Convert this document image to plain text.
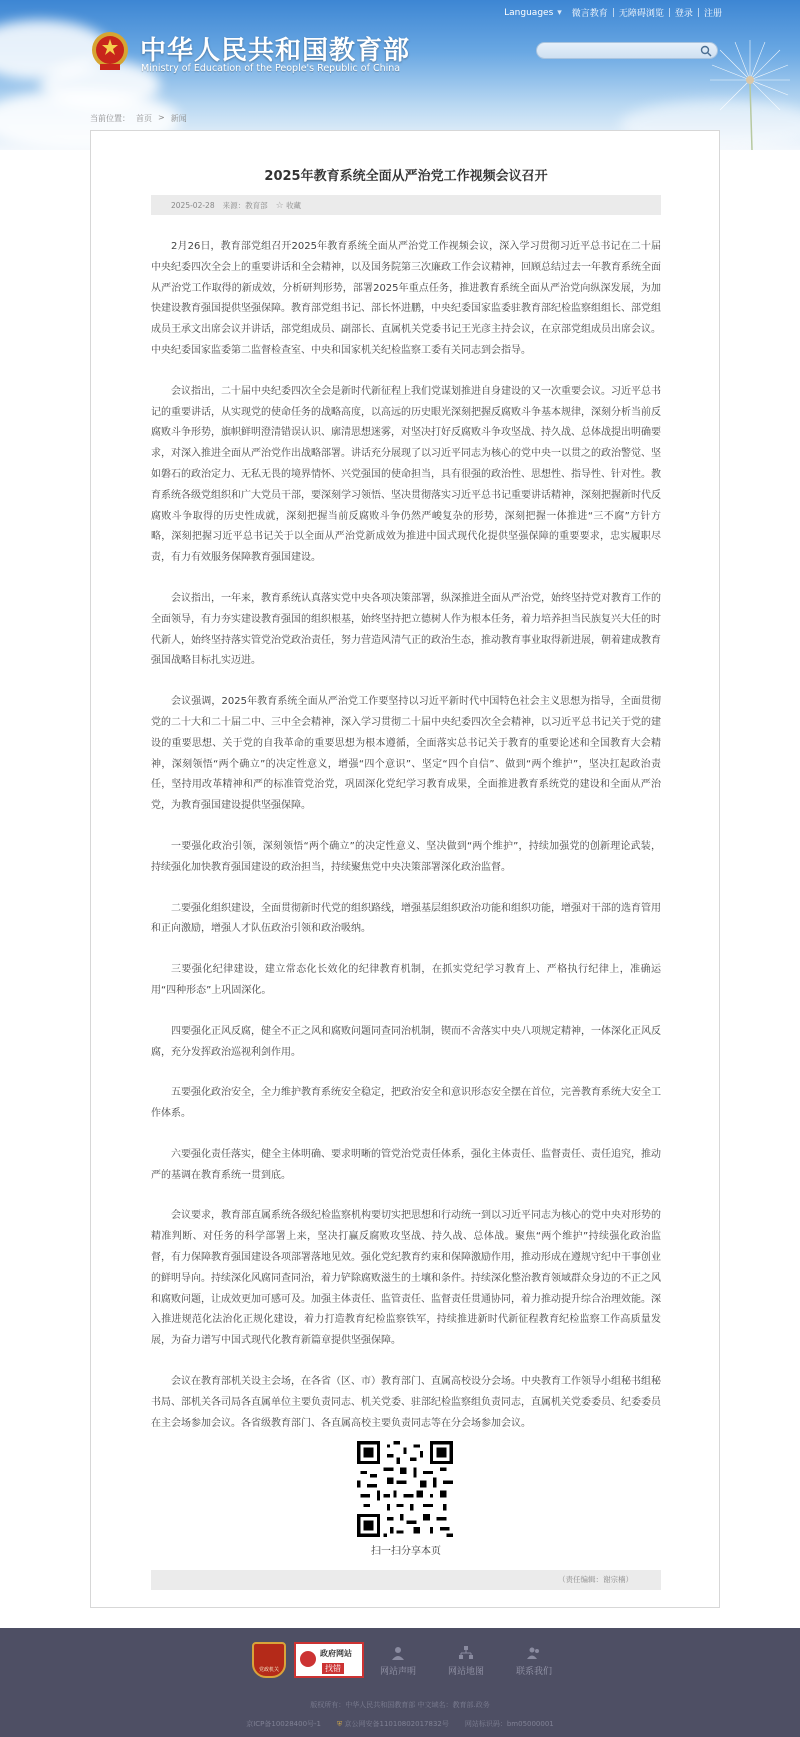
Languages ▾ 微言教育 | 无障碍浏览 | 登录 | 注册
中华人民共和国教育部
Ministry of Education of the People's Republic of China
当前位置： 首页 > 新闻
2025年教育系统全面从严治党工作视频会议召开
2025-02-28 来源：教育部 ☆ 收藏

2月26日，教育部党组召开2025年教育系统全面从严治党工作视频会议，深入学习贯彻习近平总书记在二十届中央纪委四次全会上的重要讲话和全会精神，以及国务院第三次廉政工作会议精神，回顾总结过去一年教育系统全面从严治党工作取得的新成效，分析研判形势，部署2025年重点任务，推进教育系统全面从严治党向纵深发展，为加快建设教育强国提供坚强保障。教育部党组书记、部长怀进鹏，中央纪委国家监委驻教育部纪检监察组组长、部党组成员王承文出席会议并讲话，部党组成员、副部长、直属机关党委书记王光彦主持会议，在京部党组成员出席会议。中央纪委国家监委第二监督检查室、中央和国家机关纪检监察工委有关同志到会指导。

会议指出，二十届中央纪委四次全会是新时代新征程上我们党谋划推进自身建设的又一次重要会议。习近平总书记的重要讲话，从实现党的使命任务的战略高度，以高远的历史眼光深刻把握反腐败斗争基本规律，深刻分析当前反腐败斗争形势，旗帜鲜明澄清错误认识、廓清思想迷雾，对坚决打好反腐败斗争攻坚战、持久战、总体战提出明确要求，对深入推进全面从严治党作出战略部署。讲话充分展现了以习近平同志为核心的党中央一以贯之的政治警觉、坚如磐石的政治定力、无私无畏的境界情怀、兴党强国的使命担当，具有很强的政治性、思想性、指导性、针对性。教育系统各级党组织和广大党员干部，要深刻学习领悟、坚决贯彻落实习近平总书记重要讲话精神，深刻把握新时代反腐败斗争取得的历史性成就，深刻把握当前反腐败斗争仍然严峻复杂的形势，深刻把握一体推进“三不腐”方针方略，深刻把握习近平总书记关于以全面从严治党新成效为推进中国式现代化提供坚强保障的重要要求，忠实履职尽责，有力有效服务保障教育强国建设。

会议指出，一年来，教育系统认真落实党中央各项决策部署，纵深推进全面从严治党，始终坚持党对教育工作的全面领导，有力夯实建设教育强国的组织根基，始终坚持把立德树人作为根本任务，着力培养担当民族复兴大任的时代新人，始终坚持落实管党治党政治责任，努力营造风清气正的政治生态，推动教育事业取得新进展，朝着建成教育强国战略目标扎实迈进。

会议强调，2025年教育系统全面从严治党工作要坚持以习近平新时代中国特色社会主义思想为指导，全面贯彻党的二十大和二十届二中、三中全会精神，深入学习贯彻二十届中央纪委四次全会精神，以习近平总书记关于党的建设的重要思想、关于党的自我革命的重要思想为根本遵循，全面落实总书记关于教育的重要论述和全国教育大会精神，深刻领悟“两个确立”的决定性意义，增强“四个意识”、坚定“四个自信”、做到“两个维护”，坚决扛起政治责任，坚持用改革精神和严的标准管党治党，巩固深化党纪学习教育成果，全面推进教育系统党的建设和全面从严治党，为教育强国建设提供坚强保障。

一要强化政治引领，深刻领悟“两个确立”的决定性意义、坚决做到“两个维护”，持续加强党的创新理论武装，持续强化加快教育强国建设的政治担当，持续聚焦党中央决策部署深化政治监督。

二要强化组织建设，全面贯彻新时代党的组织路线，增强基层组织政治功能和组织功能，增强对干部的选育管用和正向激励，增强人才队伍政治引领和政治吸纳。

三要强化纪律建设，建立常态化长效化的纪律教育机制，在抓实党纪学习教育上、严格执行纪律上，准确运用“四种形态”上巩固深化。

四要强化正风反腐，健全不正之风和腐败问题同查同治机制，锲而不舍落实中央八项规定精神，一体深化正风反腐，充分发挥政治巡视利剑作用。

五要强化政治安全，全力维护教育系统安全稳定，把政治安全和意识形态安全摆在首位，完善教育系统大安全工作体系。

六要强化责任落实，健全主体明确、要求明晰的管党治党责任体系，强化主体责任、监督责任、责任追究，推动严的基调在教育系统一贯到底。

会议要求，教育部直属系统各级纪检监察机构要切实把思想和行动统一到以习近平同志为核心的党中央对形势的精准判断、对任务的科学部署上来，坚决打赢反腐败攻坚战、持久战、总体战。聚焦“两个维护”持续强化政治监督，有力保障教育强国建设各项部署落地见效。强化党纪教育约束和保障激励作用，推动形成在遵规守纪中干事创业的鲜明导向。持续深化风腐同查同治，着力铲除腐败滋生的土壤和条件。持续深化整治教育领域群众身边的不正之风和腐败问题，让成效更加可感可及。加强主体责任、监管责任、监督责任贯通协同，着力推动提升综合治理效能。深入推进规范化法治化正规化建设，着力打造教育纪检监察铁军，持续推进新时代新征程教育纪检监察工作高质量发展，为奋力谱写中国式现代化教育新篇章提供坚强保障。

会议在教育部机关设主会场，在各省（区、市）教育部门、直属高校设分会场。中央教育工作领导小组秘书组秘书局、部机关各司局各直属单位主要负责同志、机关党委、驻部纪检监察组负责同志，直属机关党委委员、纪委委员在主会场参加会议。各省级教育部门、各直属高校主要负责同志等在分会场参加会议。

扫一扫分享本页
（责任编辑：谢宗楠）
党政机关
政府网站
找错	网站声明	网站地图	联系我们
版权所有：中华人民共和国教育部 中文域名：教育部.政务
京ICP备10028400号-1 ⛨ 京公网安备11010802017832号 网站标识码：bm05000001
